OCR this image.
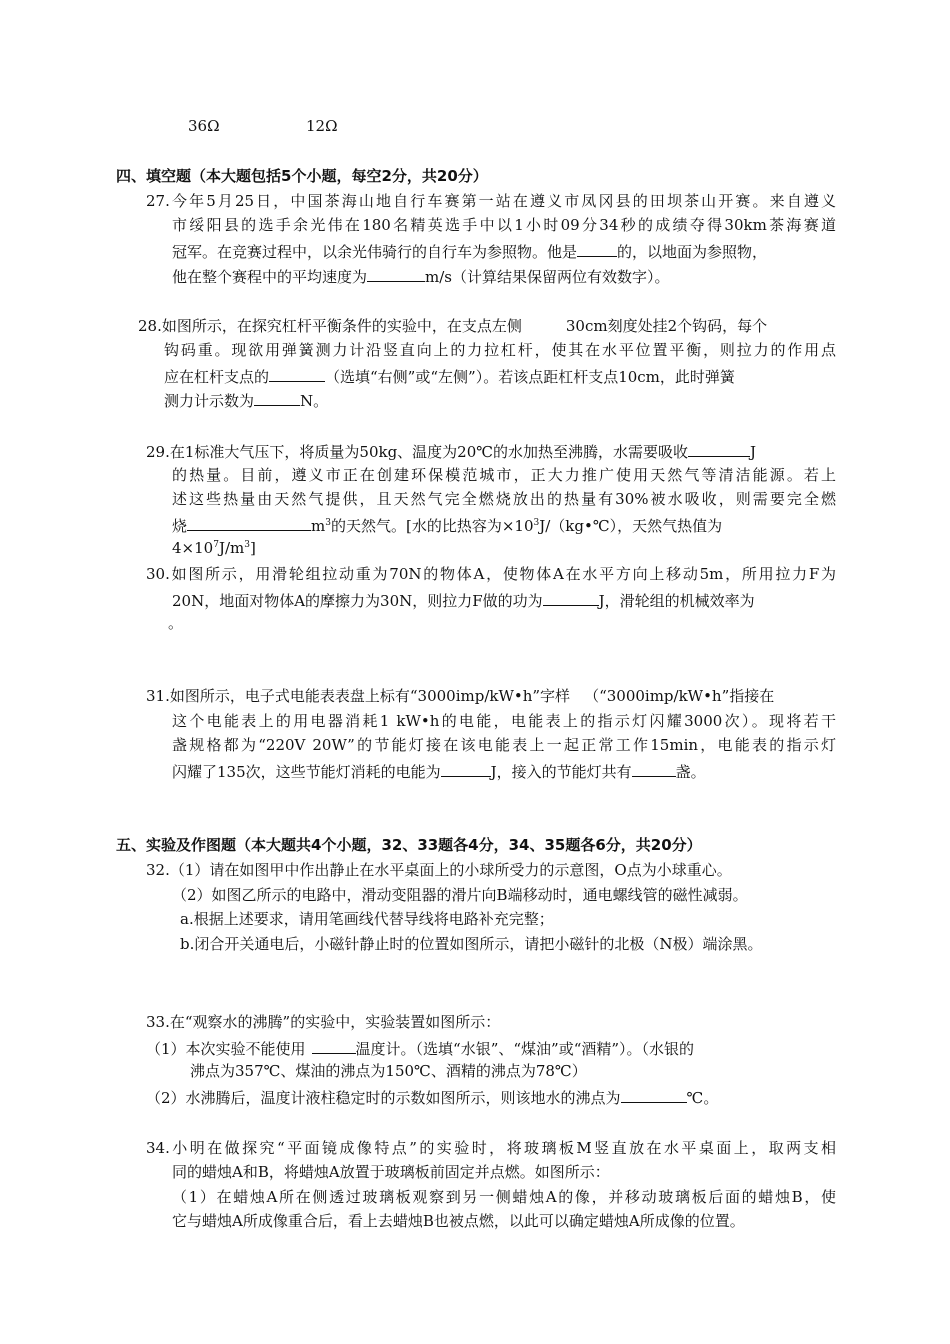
36Ω	12Ω
四、填空题（本大题包括5个小题，每空2分，共20分）
27.今年5月25日，中国茶海山地自行车赛第一站在遵义市凤冈县的田坝茶山开赛。来自遵义
市绥阳县的选手余光伟在180名精英选手中以1小时09分34秒的成绩夺得30km茶海赛道
冠军。在竞赛过程中，以余光伟骑行的自行车为参照物。他是	的，以地面为参照物，
他在整个赛程中的平均速度为	m/s（计算结果保留两位有效数字）。
28.如图所示，在探究杠杆平衡条件的实验中，在支点左侧	30cm刻度处挂2个钩码，每个
钩码重。现欲用弹簧测力计沿竖直向上的力拉杠杆，使其在水平位置平衡，则拉力的作用点
应在杠杆支点的	（选填“右侧”或“左侧”）。若该点距杠杆支点10cm，此时弹簧
测力计示数为	N。
29.在1标准大气压下，将质量为50kg、温度为20℃的水加热至沸腾，水需要吸收	J
的热量。目前，遵义市正在创建环保模范城市，正大力推广使用天然气等清洁能源。若上
述这些热量由天然气提供，且天然气完全燃烧放出的热量有30%被水吸收，则需要完全燃
烧	$m^3$的天然气。[水的比热容为$\times 10^3J/(kg•℃)$，天然气热值为
$4\times 10^7J/m^3$]
30.如图所示，用滑轮组拉动重为70N的物体A，使物体A在水平方向上移动5m，所用拉力F为
20N，地面对物体A的摩擦力为30N，则拉力F做的功为	J，滑轮组的机械效率为
。
31.如图所示，电子式电能表表盘上标有“3000imp/kW•h”字样 （“3000imp/kW•h”指接在
这个电能表上的用电器消耗1 kW•h的电能，电能表上的指示灯闪耀3000次）。现将若干
盏规格都为“220V 20W”的节能灯接在该电能表上一起正常工作15min，电能表的指示灯
闪耀了135次，这些节能灯消耗的电能为	J，接入的节能灯共有	盏。
五、实验及作图题（本大题共4个小题，32、33题各4分，34、35题各6分，共20分）
32.（1）请在如图甲中作出静止在水平桌面上的小球所受力的示意图，O点为小球重心。
（2）如图乙所示的电路中，滑动变阻器的滑片向B端移动时，通电螺线管的磁性减弱。
a.根据上述要求，请用笔画线代替导线将电路补充完整；
b.闭合开关通电后，小磁针静止时的位置如图所示，请把小磁针的北极（N极）端涂黑。
33.在“观察水的沸腾”的实验中，实验装置如图所示：
（1）本次实验不能使用	温度计。（选填“水银”、“煤油”或“酒精”）。（水银的
沸点为357℃、煤油的沸点为150℃、酒精的沸点为78℃）
（2）水沸腾后，温度计液柱稳定时的示数如图所示，则该地水的沸点为	℃。
34.小明在做探究“平面镜成像特点”的实验时，将玻璃板M竖直放在水平桌面上，取两支相
同的蜡烛A和B，将蜡烛A放置于玻璃板前固定并点燃。如图所示：
（1）在蜡烛A所在侧透过玻璃板观察到另一侧蜡烛A的像，并移动玻璃板后面的蜡烛B，使
它与蜡烛A所成像重合后，看上去蜡烛B也被点燃，以此可以确定蜡烛A所成像的位置。
